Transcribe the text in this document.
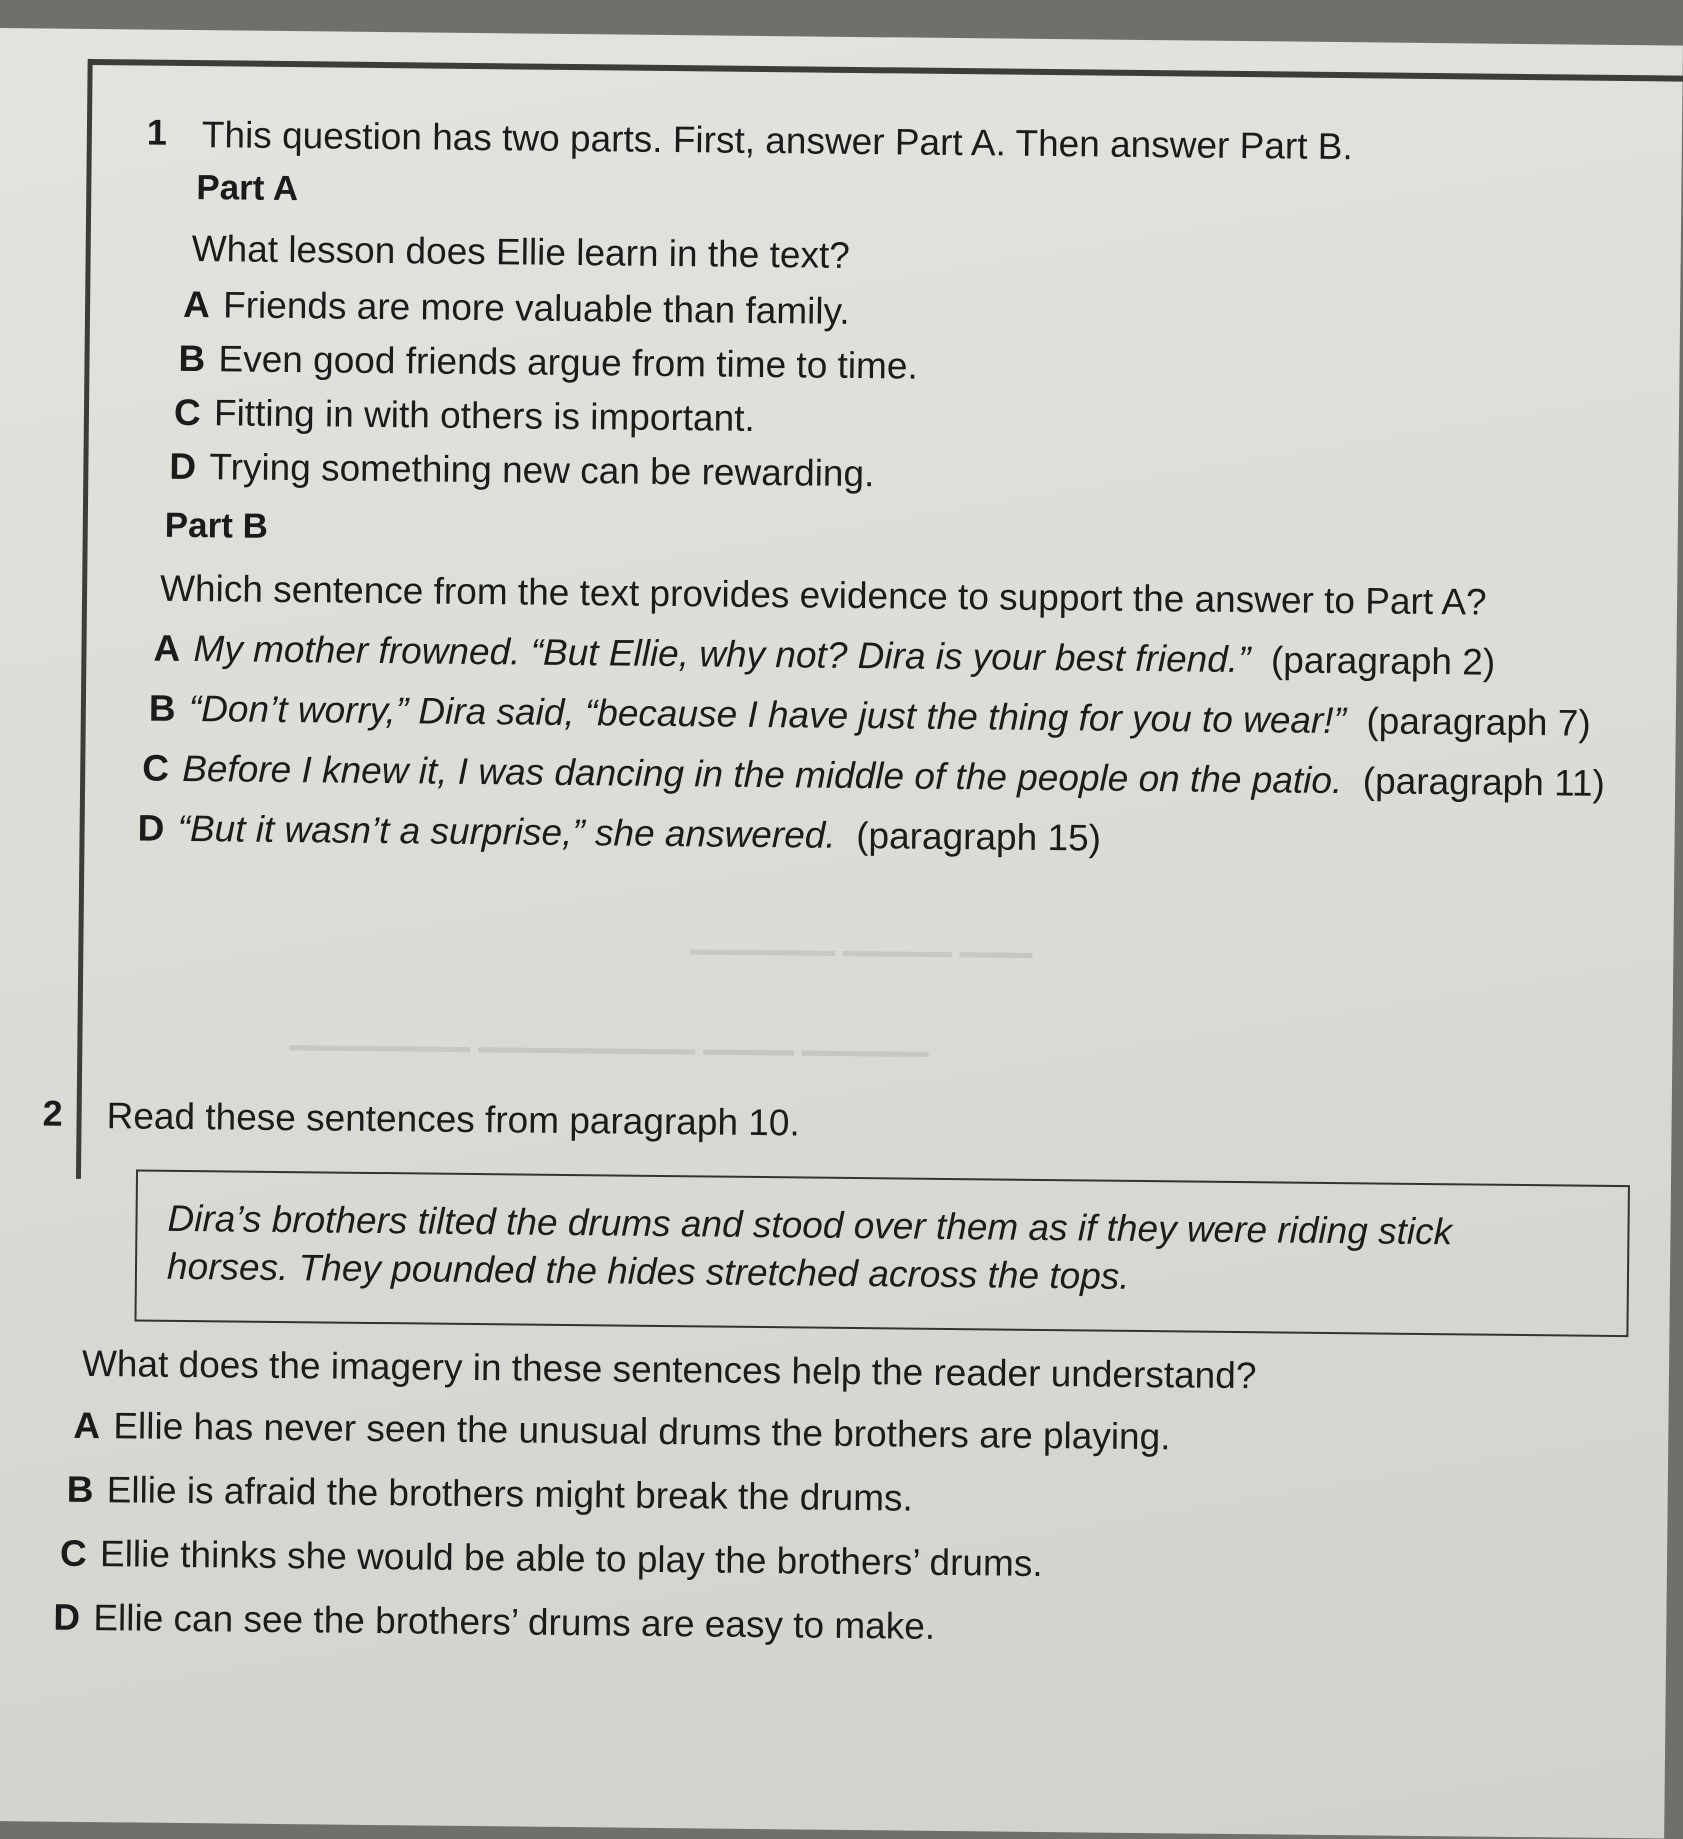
1 This question has two parts. First, answer Part A. Then answer Part B.
Part A
What lesson does Ellie learn in the text?
A Friends are more valuable than family.
B Even good friends argue from time to time.
C Fitting in with others is important.
D Trying something new can be rewarding.
Part B
Which sentence from the text provides evidence to support the answer to Part A?
A My mother frowned. “But Ellie, why not? Dira is your best friend.” (paragraph 2)
B “Don’t worry,” Dira said, “because I have just the thing for you to wear!” (paragraph 7)
C Before I knew it, I was dancing in the middle of the people on the patio. (paragraph 11)
D “But it wasn’t a surprise,” she answered. (paragraph 15)
━━━━ ━━━━━━ ━━━━━━━━
━━━━━━━ ━━━━━ ━━━━━━━━━━━━ ━━━━━━━━━━
2 Read these sentences from paragraph 10.
Dira’s brothers tilted the drums and stood over them as if they were riding stick
horses. They pounded the hides stretched across the tops.
What does the imagery in these sentences help the reader understand?
A Ellie has never seen the unusual drums the brothers are playing.
B Ellie is afraid the brothers might break the drums.
C Ellie thinks she would be able to play the brothers’ drums.
D Ellie can see the brothers’ drums are easy to make.
